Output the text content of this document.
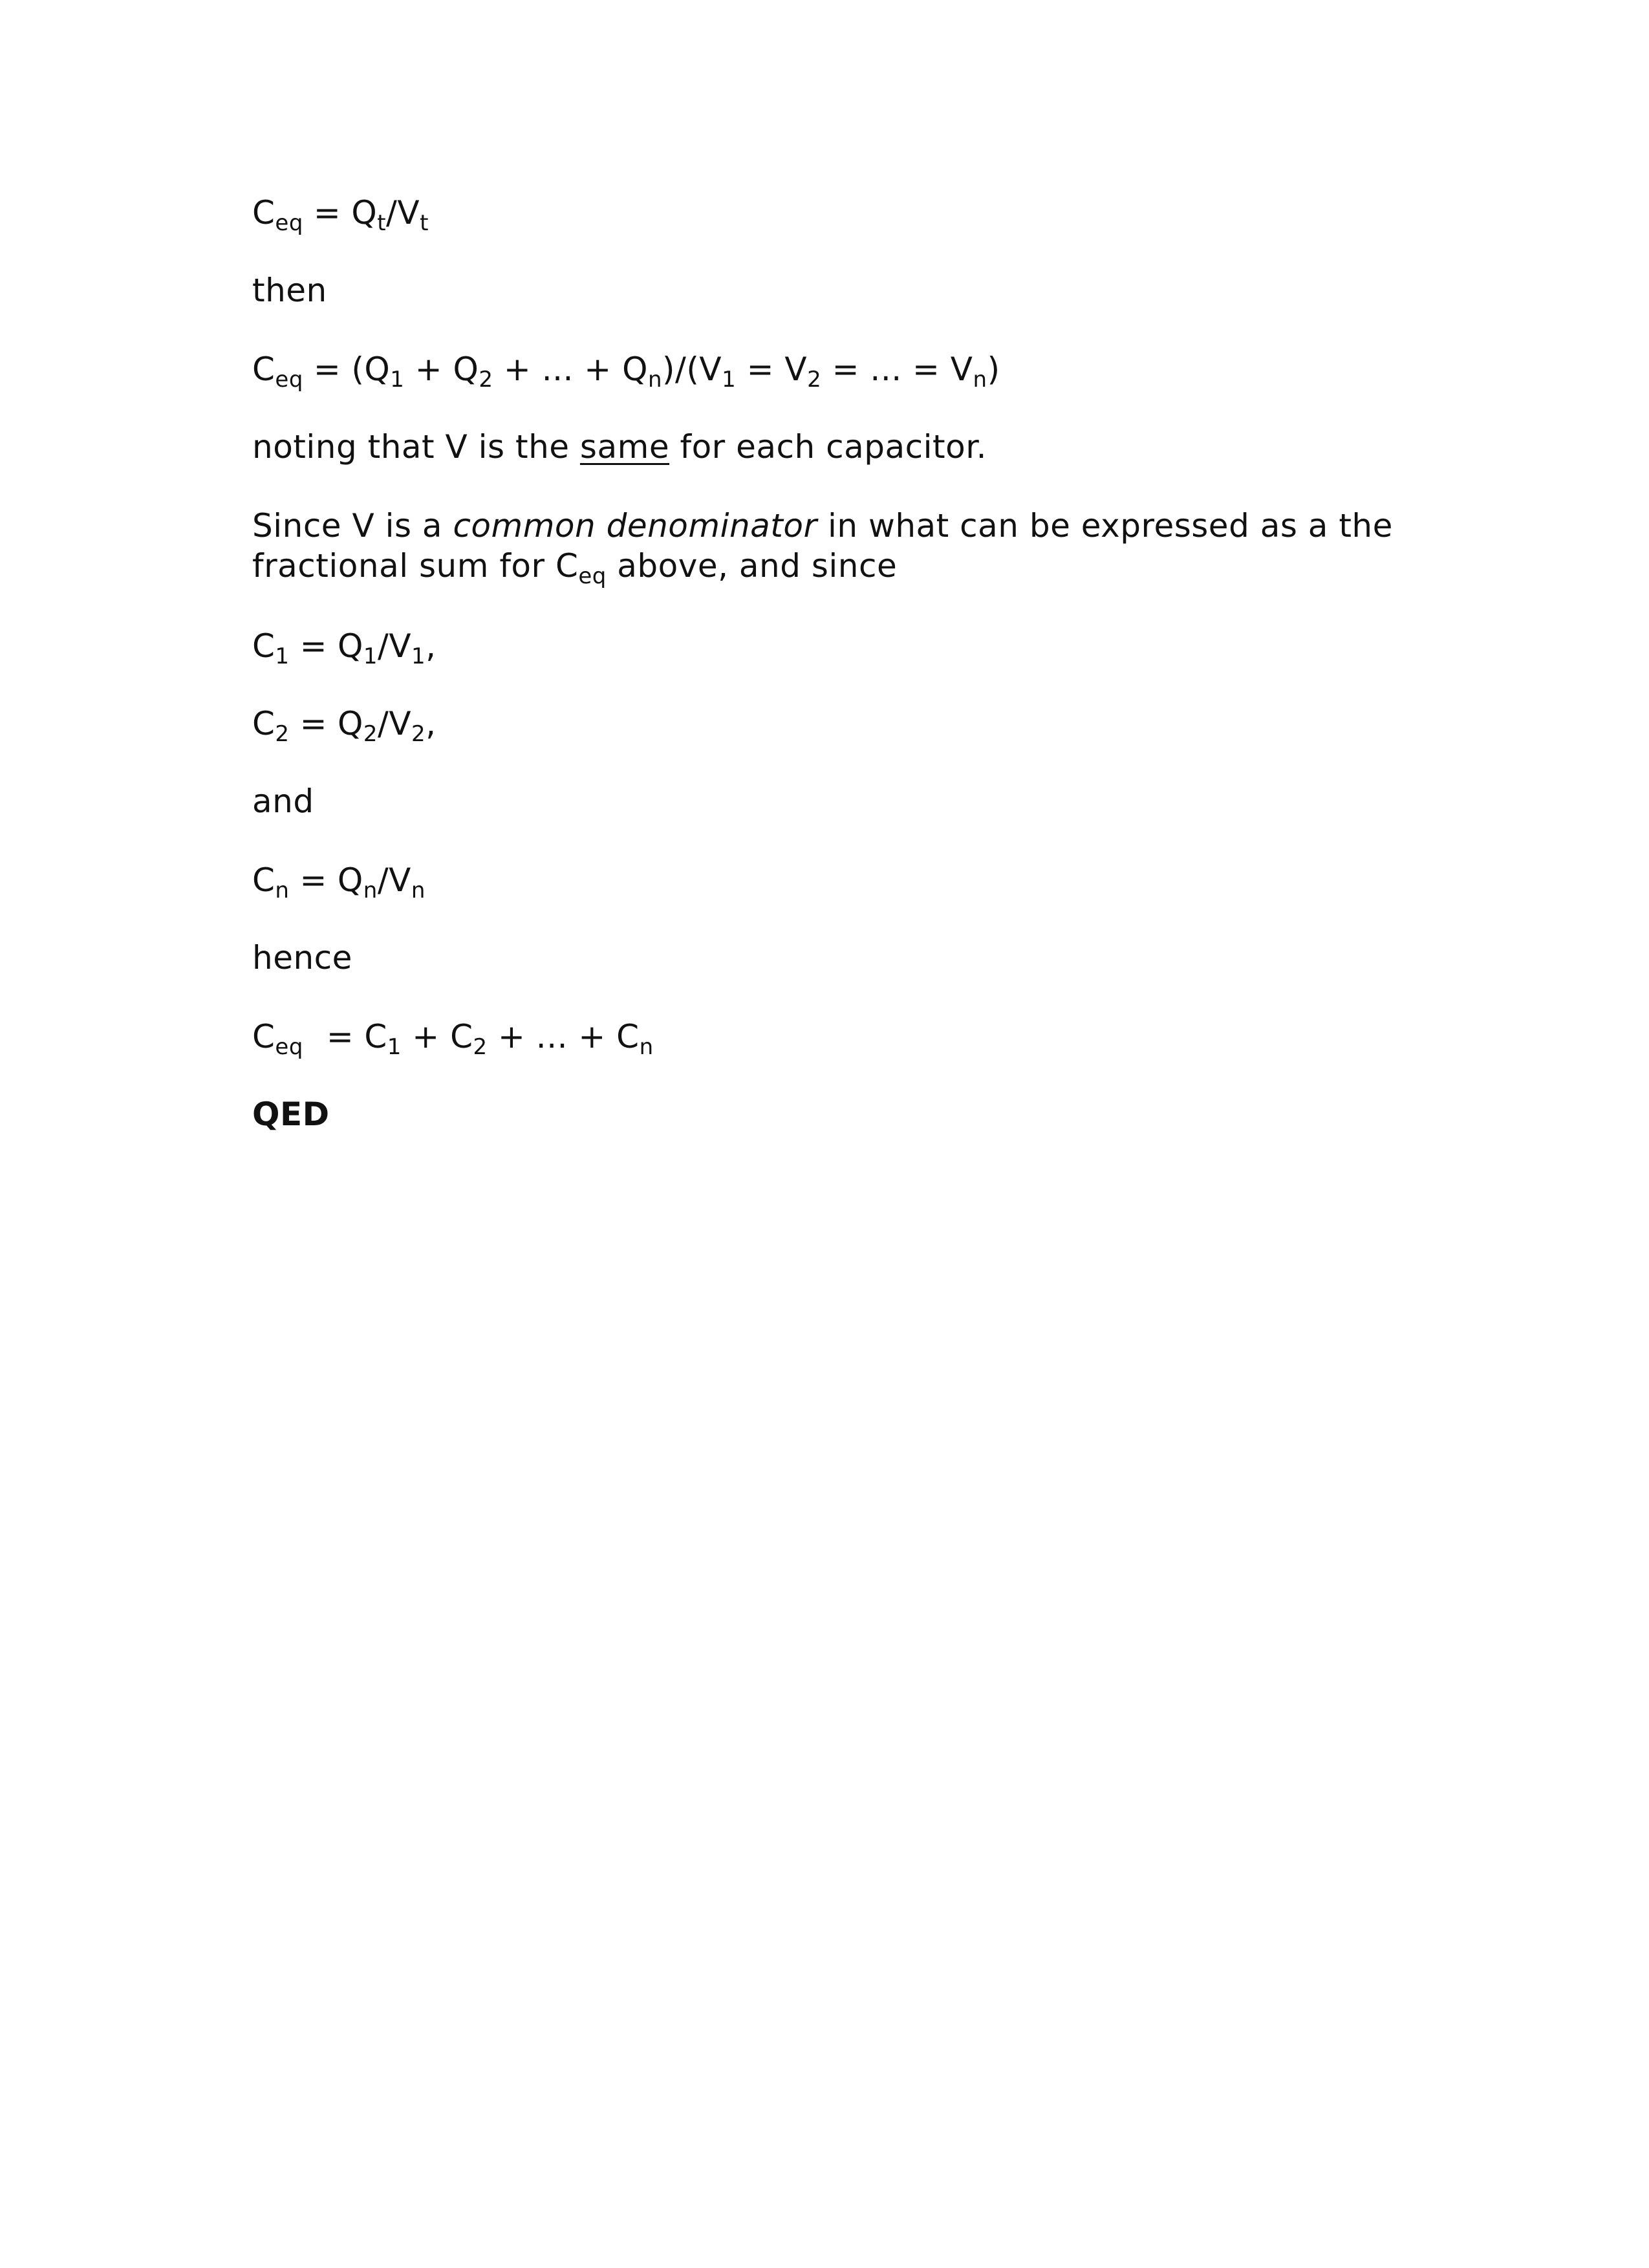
$C_{eq} = Q_t/V_t$
then
$C_{eq} = (Q_1 + Q_2$ + ... + $Q_n)/(V_1 = V_2$ = ... = $V_n$)
noting that V is the same for each capacitor.
Since V is a common denominator in what can be expressed as a the fractional sum for $C_{eq}$ above, and since
$C_1 = Q_1/V_1$,
$C_2 = Q_2/V_2$,
and
$C_n = Q_n/V_n$
hence
$C_{eq} = C_1 + C_2$ + ... + $C_n$
QED
